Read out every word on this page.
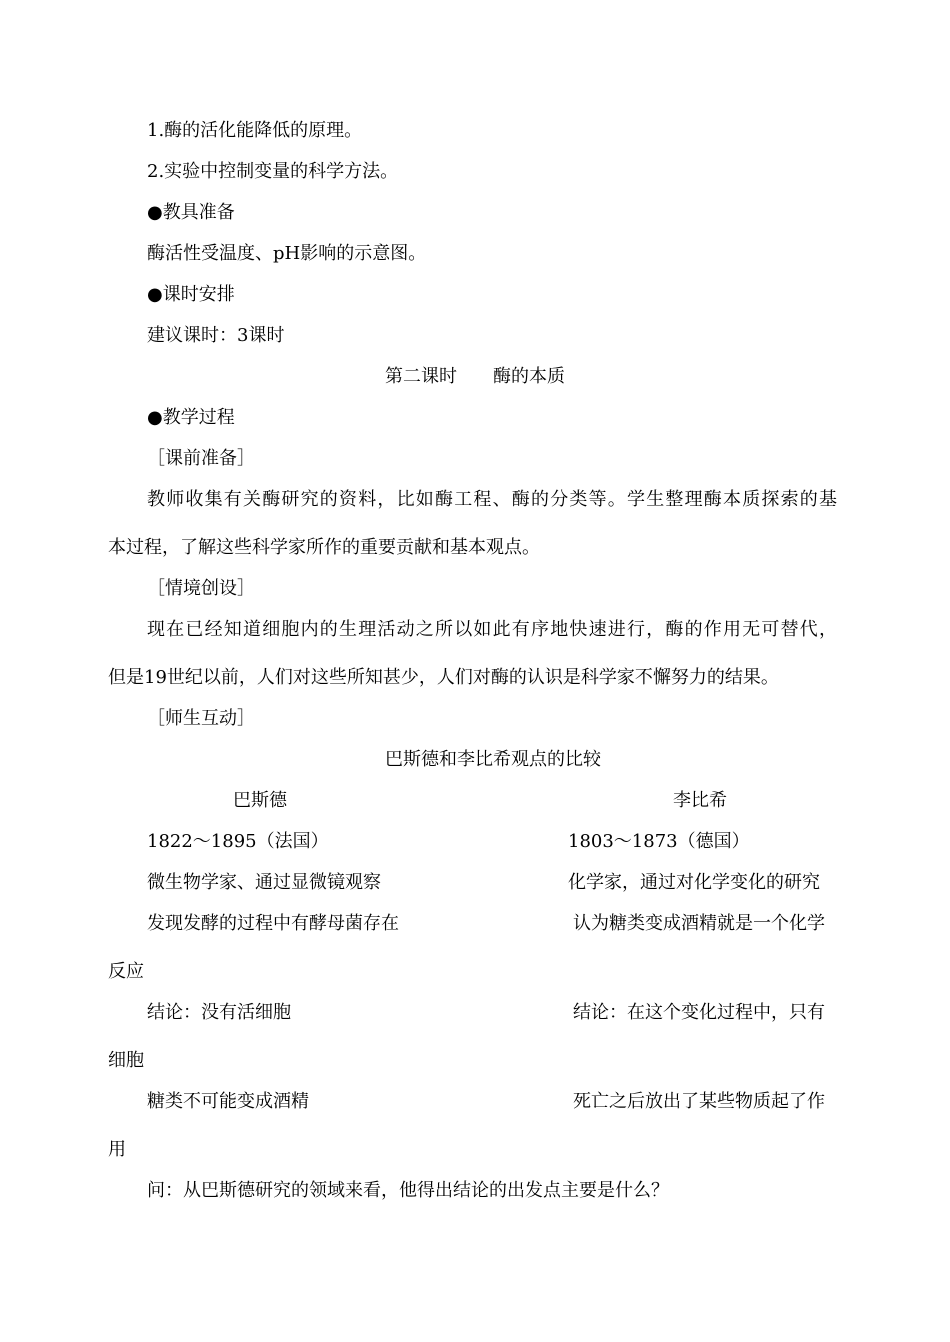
1.酶的活化能降低的原理。
2.实验中控制变量的科学方法。
●教具准备
酶活性受温度、pH影响的示意图。
●课时安排
建议课时：3课时
第二课时　　酶的本质
●教学过程
［课前准备］
教师收集有关酶研究的资料，比如酶工程、酶的分类等。学生整理酶本质探索的基
本过程，了解这些科学家所作的重要贡献和基本观点。
［情境创设］
现在已经知道细胞内的生理活动之所以如此有序地快速进行，酶的作用无可替代，
但是19世纪以前，人们对这些所知甚少，人们对酶的认识是科学家不懈努力的结果。
［师生互动］
巴斯德和李比希观点的比较
巴斯德	李比希
1822～1895（法国）	1803～1873（德国）
微生物学家、通过显微镜观察	化学家，通过对化学变化的研究
发现发酵的过程中有酵母菌存在	认为糖类变成酒精就是一个化学
反应
结论：没有活细胞	结论：在这个变化过程中，只有
细胞
糖类不可能变成酒精	死亡之后放出了某些物质起了作
用
问：从巴斯德研究的领域来看，他得出结论的出发点主要是什么？
